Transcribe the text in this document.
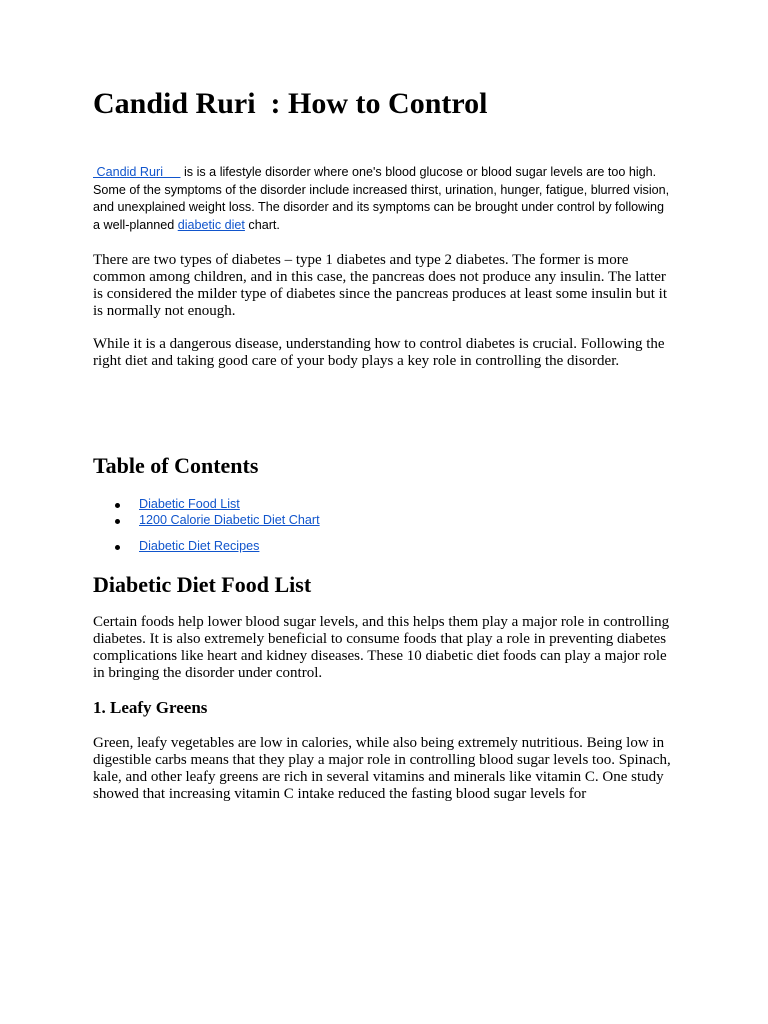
Candid Ruri  : How to Control

Candid Ruri      is is a lifestyle disorder where one's blood glucose or blood sugar levels are too high. Some of the symptoms of the disorder include increased thirst, urination, hunger, fatigue, blurred vision, and unexplained weight loss. The disorder and its symptoms can be brought under control by following a well-planned diabetic diet chart.

There are two types of diabetes – type 1 diabetes and type 2 diabetes. The former is more common among children, and in this case, the pancreas does not produce any insulin. The latter is considered the milder type of diabetes since the pancreas produces at least some insulin but it is normally not enough.

While it is a dangerous disease, understanding how to control diabetes is crucial. Following the right diet and taking good care of your body plays a key role in controlling the disorder.

Table of Contents
Diabetic Food List
1200 Calorie Diabetic Diet Chart
Diabetic Diet Recipes
Diabetic Diet Food List

Certain foods help lower blood sugar levels, and this helps them play a major role in controlling diabetes. It is also extremely beneficial to consume foods that play a role in preventing diabetes complications like heart and kidney diseases. These 10 diabetic diet foods can play a major role in bringing the disorder under control.

1. Leafy Greens

Green, leafy vegetables are low in calories, while also being extremely nutritious. Being low in digestible carbs means that they play a major role in controlling blood sugar levels too. Spinach, kale, and other leafy greens are rich in several vitamins and minerals like vitamin C. One study showed that increasing vitamin C intake reduced the fasting blood sugar levels for
